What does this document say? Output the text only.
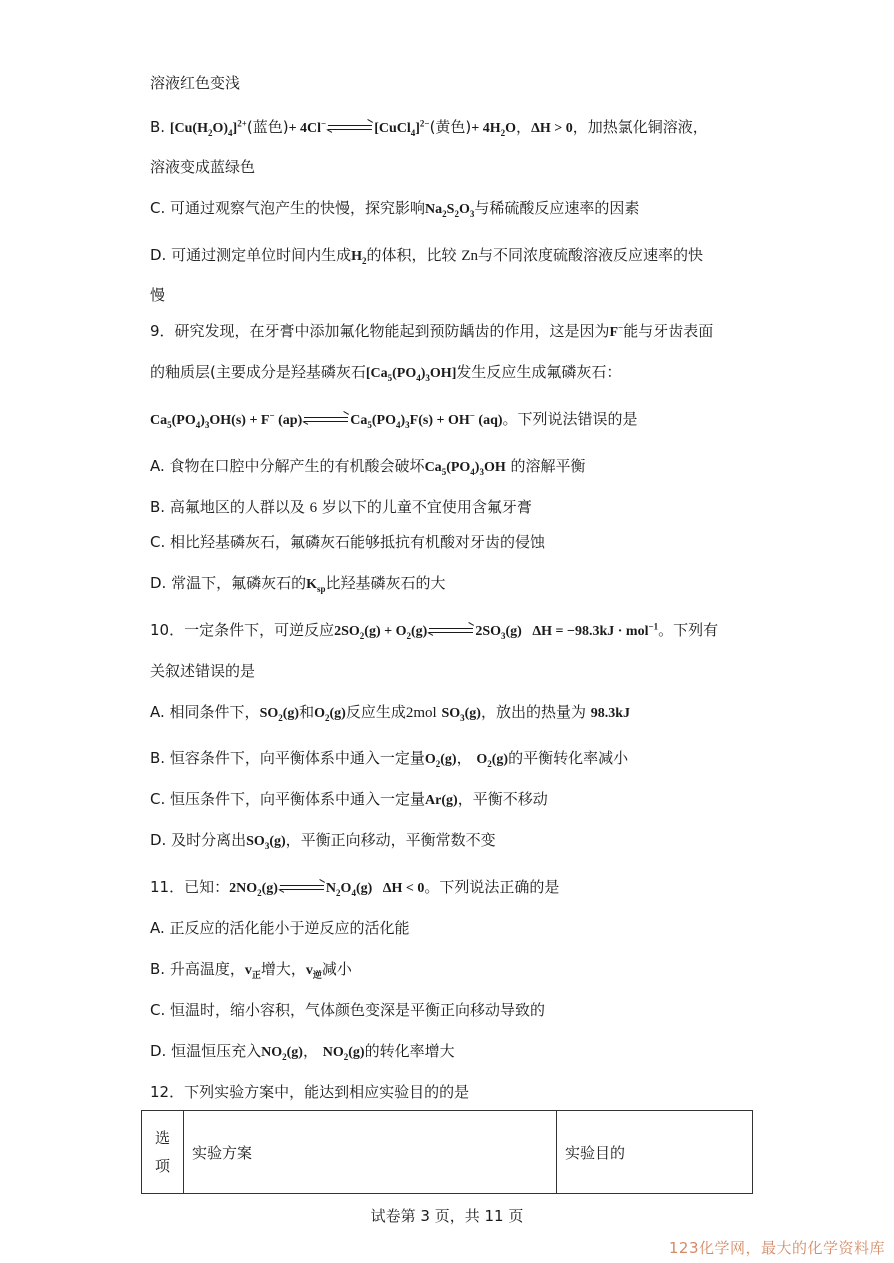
溶液红色变浅
B. $[Cu(H_2O)_4]^{2+}$(蓝色)+ 4Cl−	[CuCl$_4$]$^{2-}$(黄色)+ $4H_2O$，ΔH > 0，加热氯化铜溶液，
溶液变成蓝绿色
C. 可通过观察气泡产生的快慢，探究影响$Na_2S_2O_3$与稀硫酸反应速率的因素
D. 可通过测定单位时间内生成$H_2$的体积，比较 Zn与不同浓度硫酸溶液反应速率的快
慢
9．研究发现，在牙膏中添加氟化物能起到预防龋齿的作用，这是因为F−能与牙齿表面
的釉质层(主要成分是羟基磷灰石$[Ca_5(PO_4)_3OH]$发生反应生成氟磷灰石：
$Ca_5(PO_4)_3OH(s) + F^-$ (ap)	$Ca_5(PO_4)_3F(s) + OH^-$ (aq)。下列说法错误的是
A. 食物在口腔中分解产生的有机酸会破坏$Ca_5(PO_4)_3OH$ 的溶解平衡
B. 高氟地区的人群以及 6 岁以下的儿童不宜使用含氟牙膏
C. 相比羟基磷灰石，氟磷灰石能够抵抗有机酸对牙齿的侵蚀
D. 常温下，氟磷灰石的$K_{sp}$比羟基磷灰石的大
10．一定条件下，可逆反应$2SO_2(g) + O_2(g)$	$2SO_3(g) \Delta H = -98.3kJ \cdot mol^{-1}$。下列有
关叙述错误的是
A. 相同条件下，$SO_2(g)$和$O_2(g)$反应生成2mol $SO_3(g)$，放出的热量为 98.3kJ
B. 恒容条件下，向平衡体系中通入一定量$O_2(g)$， $O_2(g)$的平衡转化率减小
C. 恒压条件下，向平衡体系中通入一定量Ar(g)，平衡不移动
D. 及时分离出$SO_3(g)$，平衡正向移动，平衡常数不变
11．已知：$2NO_2(g)$	$N_2O_4(g) \Delta H < 0$。下列说法正确的是
A. 正反应的活化能小于逆反应的活化能
B. 升高温度，$v_正$增大，$v_逆$减小
C. 恒温时，缩小容积，气体颜色变深是平衡正向移动导致的
D. 恒温恒压充入$NO_2(g)$， $NO_2(g)$的转化率增大
12．下列实验方案中，能达到相应实验目的的是
选
项	实验方案	实验目的
试卷第 3 页，共 11 页
123化学网，最大的化学资料库
